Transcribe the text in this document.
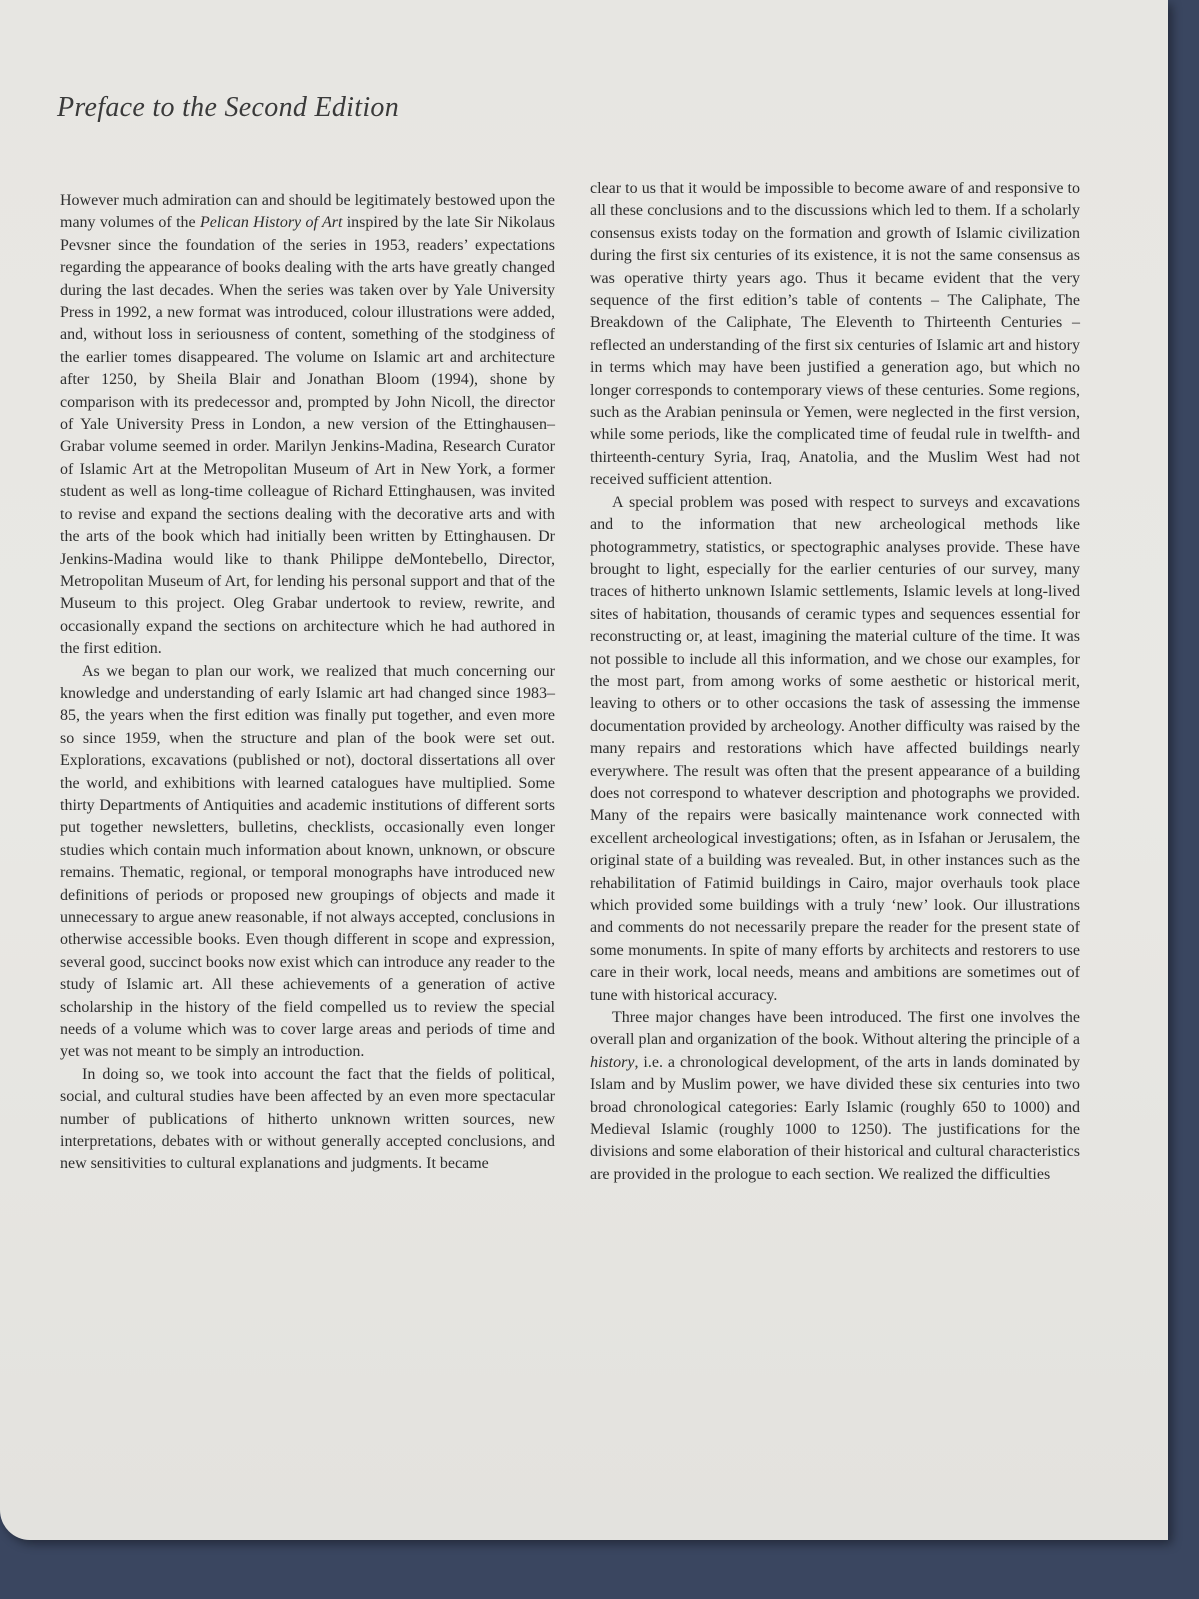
Preface to the Second Edition

However much admiration can and should be legitimately bestowed upon the many volumes of the Pelican History of Art inspired by the late Sir Nikolaus Pevsner since the foundation of the series in 1953, readers’ expectations regarding the appearance of books dealing with the arts have greatly changed during the last decades. When the series was taken over by Yale University Press in 1992, a new format was introduced, colour illustrations were added, and, without loss in seriousness of content, something of the stodginess of the earlier tomes disappeared. The volume on Islamic art and architecture after 1250, by Sheila Blair and Jonathan Bloom (1994), shone by comparison with its predecessor and, prompted by John Nicoll, the director of Yale University Press in London, a new version of the Ettinghausen–Grabar volume seemed in order. Marilyn Jenkins-Madina, Research Curator of Islamic Art at the Metropolitan Museum of Art in New York, a former student as well as long-time colleague of Richard Ettinghausen, was invited to revise and expand the sections dealing with the decorative arts and with the arts of the book which had initially been written by Ettinghausen. Dr Jenkins-Madina would like to thank Philippe deMontebello, Director, Metropolitan Museum of Art, for lending his personal support and that of the Museum to this project. Oleg Grabar undertook to review, rewrite, and occasionally expand the sections on architecture which he had authored in the first edition.

As we began to plan our work, we realized that much concerning our knowledge and understanding of early Islamic art had changed since 1983–85, the years when the first edition was finally put together, and even more so since 1959, when the structure and plan of the book were set out. Explorations, excavations (published or not), doctoral dissertations all over the world, and exhibitions with learned catalogues have multiplied. Some thirty Departments of Antiquities and academic institutions of different sorts put together newsletters, bulletins, checklists, occasionally even longer studies which contain much information about known, unknown, or obscure remains. Thematic, regional, or temporal monographs have introduced new definitions of periods or proposed new groupings of objects and made it unnecessary to argue anew reasonable, if not always accepted, conclusions in otherwise accessible books. Even though different in scope and expression, several good, succinct books now exist which can introduce any reader to the study of Islamic art. All these achievements of a generation of active scholarship in the history of the field compelled us to review the special needs of a volume which was to cover large areas and periods of time and yet was not meant to be simply an introduction.

In doing so, we took into account the fact that the fields of political, social, and cultural studies have been affected by an even more spectacular number of publications of hitherto unknown written sources, new interpretations, debates with or without generally accepted conclusions, and new sensitivities to cultural explanations and judgments. It became

clear to us that it would be impossible to become aware of and responsive to all these conclusions and to the discussions which led to them. If a scholarly consensus exists today on the formation and growth of Islamic civilization during the first six centuries of its existence, it is not the same consensus as was operative thirty years ago. Thus it became evident that the very sequence of the first edition’s table of contents – The Caliphate, The Breakdown of the Caliphate, The Eleventh to Thirteenth Centuries – reflected an understanding of the first six centuries of Islamic art and history in terms which may have been justified a generation ago, but which no longer corresponds to contemporary views of these centuries. Some regions, such as the Arabian peninsula or Yemen, were neglected in the first version, while some periods, like the complicated time of feudal rule in twelfth- and thirteenth-century Syria, Iraq, Anatolia, and the Muslim West had not received sufficient attention.

A special problem was posed with respect to surveys and excavations and to the information that new archeological methods like photogrammetry, statistics, or spectographic analyses provide. These have brought to light, especially for the earlier centuries of our survey, many traces of hitherto unknown Islamic settlements, Islamic levels at long-lived sites of habitation, thousands of ceramic types and sequences essential for reconstructing or, at least, imagining the material culture of the time. It was not possible to include all this information, and we chose our examples, for the most part, from among works of some aesthetic or historical merit, leaving to others or to other occasions the task of assessing the immense documentation provided by archeology. Another difficulty was raised by the many repairs and restorations which have affected buildings nearly everywhere. The result was often that the present appearance of a building does not correspond to whatever description and photographs we provided. Many of the repairs were basically maintenance work connected with excellent archeological investigations; often, as in Isfahan or Jerusalem, the original state of a building was revealed. But, in other instances such as the rehabilitation of Fatimid buildings in Cairo, major overhauls took place which provided some buildings with a truly ‘new’ look. Our illustrations and comments do not necessarily prepare the reader for the present state of some monuments. In spite of many efforts by architects and restorers to use care in their work, local needs, means and ambitions are sometimes out of tune with historical accuracy.

Three major changes have been introduced. The first one involves the overall plan and organization of the book. Without altering the principle of a history, i.e. a chronological development, of the arts in lands dominated by Islam and by Muslim power, we have divided these six centuries into two broad chronological categories: Early Islamic (roughly 650 to 1000) and Medieval Islamic (roughly 1000 to 1250). The justifications for the divisions and some elaboration of their historical and cultural characteristics are provided in the prologue to each section. We realized the difficulties
